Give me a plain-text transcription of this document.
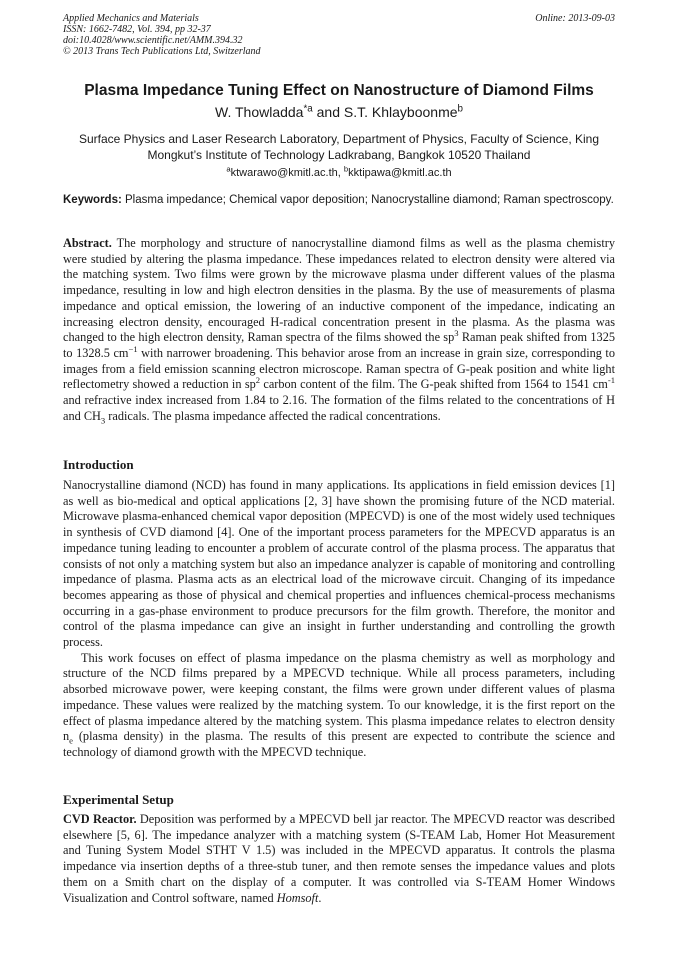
Applied Mechanics and Materials
ISSN: 1662-7482, Vol. 394, pp 32-37
doi:10.4028/www.scientific.net/AMM.394.32
© 2013 Trans Tech Publications Ltd, Switzerland
Online: 2013-09-03
Plasma Impedance Tuning Effect on Nanostructure of Diamond Films
W. Thowladda$^{*a}$ and S.T. Khlayboonme$^b$
Surface Physics and Laser Research Laboratory, Department of Physics, Faculty of Science, King Mongkut’s Institute of Technology Ladkrabang, Bangkok 10520 Thailand
$^a$ktwarawo@kmitl.ac.th, $^b$kktipawa@kmitl.ac.th
Keywords: Plasma impedance; Chemical vapor deposition; Nanocrystalline diamond; Raman spectroscopy.
Abstract. The morphology and structure of nanocrystalline diamond films as well as the plasma chemistry were studied by altering the plasma impedance. These impedances related to electron density were altered via the matching system. Two films were grown by the microwave plasma under different values of the plasma impedance, resulting in low and high electron densities in the plasma. By the use of measurements of plasma impedance and optical emission, the lowering of an inductive component of the impedance, indicating an increasing electron density, encouraged H-radical concentration present in the plasma. As the plasma was changed to the high electron density, Raman spectra of the films showed the $sp^3$ Raman peak shifted from 1325 to 1328.5 $cm^{-1}$ with narrower broadening. This behavior arose from an increase in grain size, corresponding to images from a field emission scanning electron microscope. Raman spectra of G-peak position and white light reflectometry showed a reduction in $sp^2$ carbon content of the film. The G-peak shifted from 1564 to 1541 $cm^{-1}$ and refractive index increased from 1.84 to 2.16. The formation of the films related to the concentrations of H and $CH_3$ radicals. The plasma impedance affected the radical concentrations.
Introduction

Nanocrystalline diamond (NCD) has found in many applications. Its applications in field emission devices [1] as well as bio-medical and optical applications [2, 3] have shown the promising future of the NCD material. Microwave plasma-enhanced chemical vapor deposition (MPECVD) is one of the most widely used techniques in synthesis of CVD diamond [4]. One of the important process parameters for the MPECVD apparatus is an impedance tuning leading to encounter a problem of accurate control of the plasma process. The apparatus that consists of not only a matching system but also an impedance analyzer is capable of monitoring and controlling impedance of plasma. Plasma acts as an electrical load of the microwave circuit. Changing of its impedance becomes appearing as those of physical and chemical properties and influences chemical-process mechanisms occurring in a gas-phase environment to produce precursors for the film growth. Therefore, the monitor and control of the plasma impedance can give an insight in further understanding and controlling the growth process.

This work focuses on effect of plasma impedance on the plasma chemistry as well as morphology and structure of the NCD films prepared by a MPECVD technique. While all process parameters, including absorbed microwave power, were keeping constant, the films were grown under different values of plasma impedance. These values were realized by the matching system. To our knowledge, it is the first report on the effect of plasma impedance altered by the matching system. This plasma impedance relates to electron density $n_e$ (plasma density) in the plasma. The results of this present are expected to contribute the science and technology of diamond growth with the MPECVD technique.

Experimental Setup
CVD Reactor. Deposition was performed by a MPECVD bell jar reactor. The MPECVD reactor was described elsewhere [5, 6]. The impedance analyzer with a matching system (S-TEAM Lab, Homer Hot Measurement and Tuning System Model STHT V 1.5) was included in the MPECVD apparatus. It controls the plasma impedance via insertion depths of a three-stub tuner, and then remote senses the impedance values and plots them on a Smith chart on the display of a computer. It was controlled via S-TEAM Homer Windows Visualization and Control software, named Homsoft.
